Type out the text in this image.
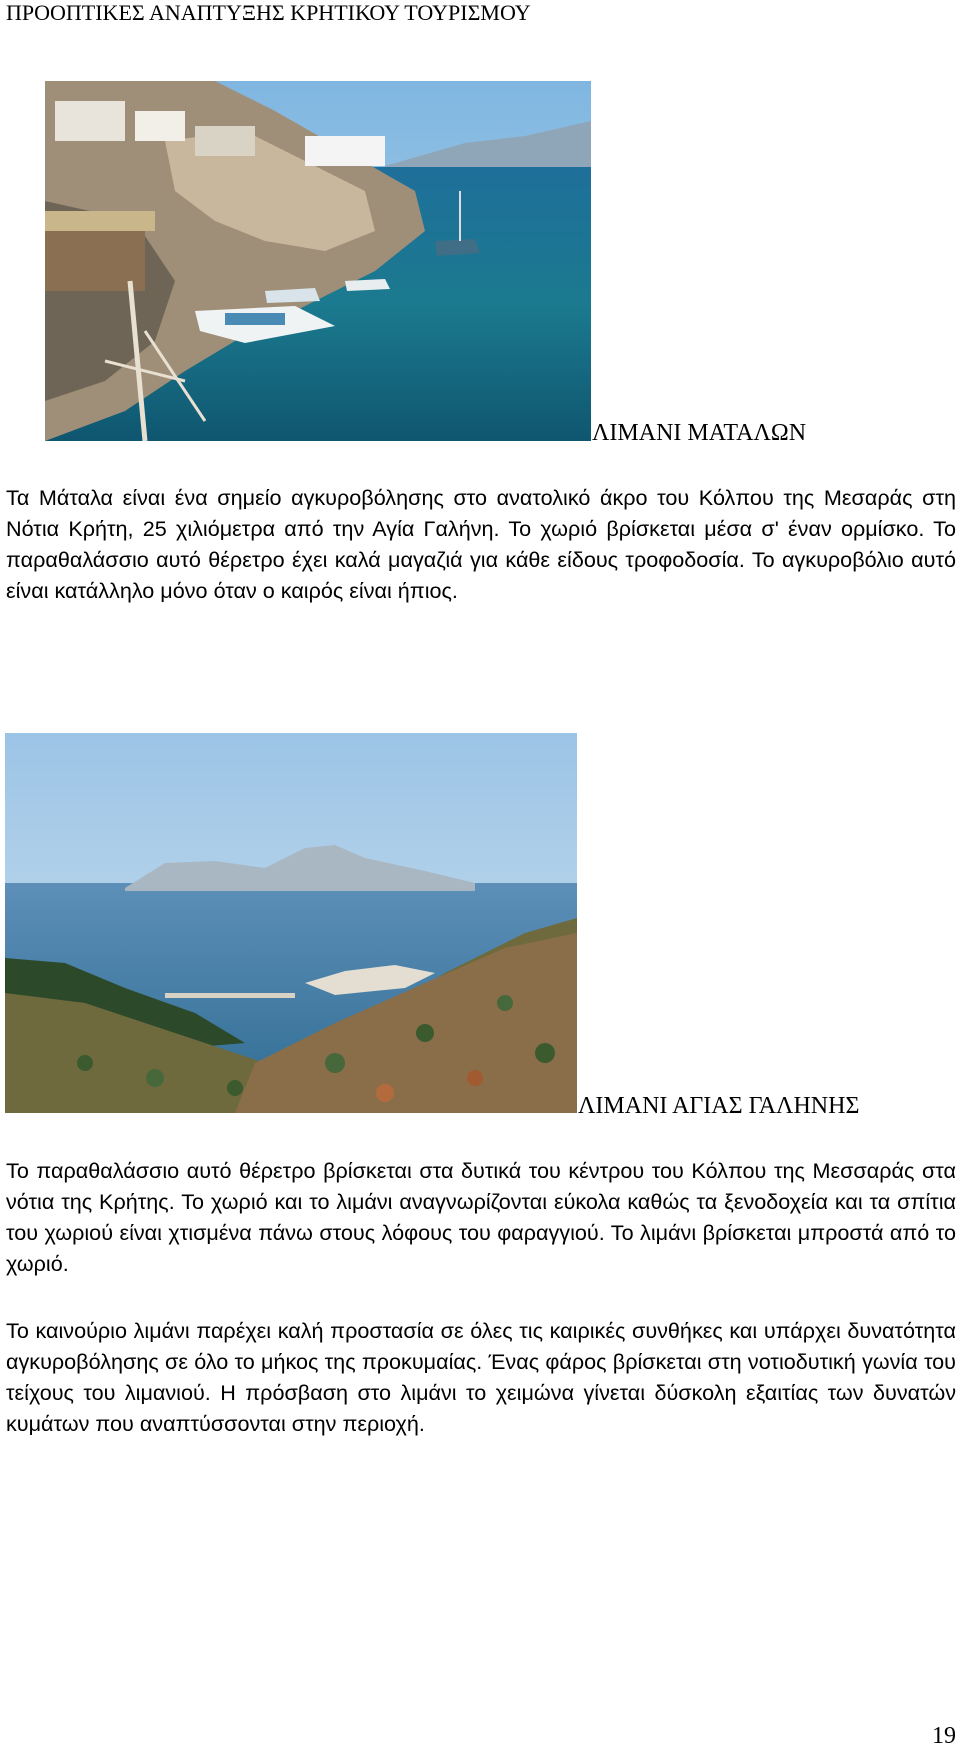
ΠΡΟΟΠΤΙΚΕΣ ΑΝΑΠΤΥΞΗΣ ΚΡΗΤΙΚΟΥ ΤΟΥΡΙΣΜΟΥ
ΛΙΜΑΝΙ ΜΑΤΑΛΩΝ

Τα Μάταλα είναι ένα σημείο αγκυροβόλησης στο ανατολικό άκρο του Κόλπου της Μεσαράς στη Νότια Κρήτη, 25 χιλιόμετρα από την Αγία Γαλήνη. Το χωριό βρίσκεται μέσα σ' έναν ορμίσκο. Το παραθαλάσσιο αυτό θέρετρο έχει καλά μαγαζιά για κάθε είδους τροφοδοσία. Το αγκυροβόλιο αυτό είναι κατάλληλο μόνο όταν ο καιρός είναι ήπιος.

ΛΙΜΑΝΙ ΑΓΙΑΣ ΓΑΛΗΝΗΣ

Το παραθαλάσσιο αυτό θέρετρο βρίσκεται στα δυτικά του κέντρου του Κόλπου της Μεσσαράς στα νότια της Κρήτης. Το χωριό και το λιμάνι αναγνωρίζονται εύκολα καθώς τα ξενοδοχεία και τα σπίτια του χωριού είναι χτισμένα πάνω στους λόφους του φαραγγιού. Το λιμάνι βρίσκεται μπροστά από το χωριό.

Το καινούριο λιμάνι παρέχει καλή προστασία σε όλες τις καιρικές συνθήκες και υπάρχει δυνατότητα αγκυροβόλησης σε όλο το μήκος της προκυμαίας. Ένας φάρος βρίσκεται στη νοτιοδυτική γωνία του τείχους του λιμανιού. Η πρόσβαση στο λιμάνι το χειμώνα γίνεται δύσκολη εξαιτίας των δυνατών κυμάτων που αναπτύσσονται στην περιοχή.

19
